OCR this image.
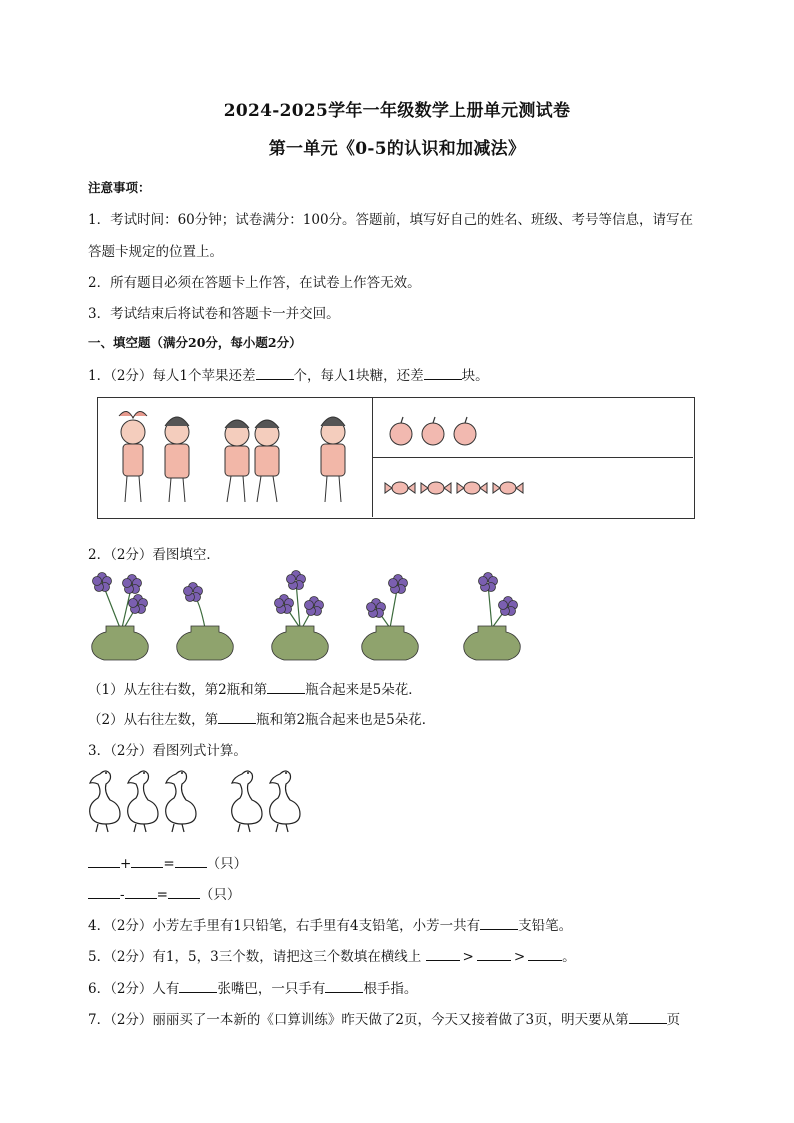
2024-2025学年一年级数学上册单元测试卷
第一单元《0-5的认识和加减法》
注意事项：
1．考试时间：60分钟；试卷满分：100分。答题前，填写好自己的姓名、班级、考号等信息，请写在
答题卡规定的位置上。
2．所有题目必须在答题卡上作答，在试卷上作答无效。
3．考试结束后将试卷和答题卡一并交回。
一、填空题（满分20分，每小题2分）
1．（2分）每人1个苹果还差	个，每人1块糖，还差	块。
2．（2分）看图填空．
（1）从左往右数，第2瓶和第	瓶合起来是5朵花．
（2）从右往左数，第	瓶和第2瓶合起来也是5朵花．
3．（2分）看图列式计算。
+ = （只）
- = （只）
4．（2分）小芳左手里有1只铅笔，右手里有4支铅笔，小芳一共有	支铅笔。
5．（2分）有1，5，3三个数，请把这三个数填在横线上	>	>	。
6．（2分）人有	张嘴巴，一只手有	根手指。
7．（2分）丽丽买了一本新的《口算训练》昨天做了2页，今天又接着做了3页，明天要从第	页
